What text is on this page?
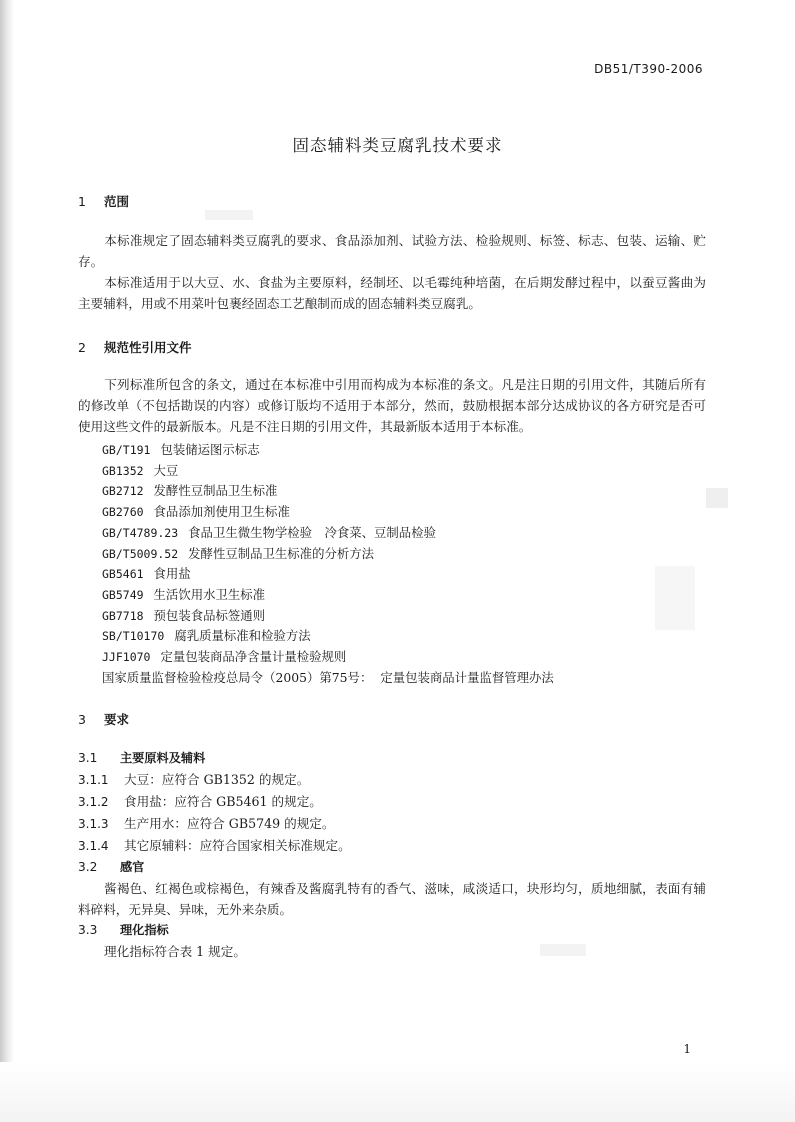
DB51/T390-2006
固态辅料类豆腐乳技术要求
1 范围
本标准规定了固态辅料类豆腐乳的要求、食品添加剂、试验方法、检验规则、标签、标志、包装、运输、贮存。
本标准适用于以大豆、水、食盐为主要原料，经制坯、以毛霉纯种培菌，在后期发酵过程中，以蚕豆酱曲为主要辅料，用或不用菜叶包裹经固态工艺酿制而成的固态辅料类豆腐乳。
2 规范性引用文件
下列标准所包含的条文，通过在本标准中引用而构成为本标准的条文。凡是注日期的引用文件，其随后所有的修改单（不包括勘误的内容）或修订版均不适用于本部分，然而，鼓励根据本部分达成协议的各方研究是否可使用这些文件的最新版本。凡是不注日期的引用文件，其最新版本适用于本标准。
GB/T191 包装储运图示标志
GB1352 大豆
GB2712 发酵性豆制品卫生标准
GB2760 食品添加剂使用卫生标准
GB/T4789.23 食品卫生微生物学检验　冷食菜、豆制品检验
GB/T5009.52 发酵性豆制品卫生标准的分析方法
GB5461 食用盐
GB5749 生活饮用水卫生标准
GB7718 预包装食品标签通则
SB/T10170 腐乳质量标准和检验方法
JJF1070 定量包装商品净含量计量检验规则
国家质量监督检验检疫总局令（2005）第75号： 定量包装商品计量监督管理办法
3 要求
3.1 主要原料及辅料
3.1.1 大豆：应符合 GB1352 的规定。
3.1.2 食用盐：应符合 GB5461 的规定。
3.1.3 生产用水：应符合 GB5749 的规定。
3.1.4 其它原辅料：应符合国家相关标准规定。
3.2 感官
酱褐色、红褐色或棕褐色，有辣香及酱腐乳特有的香气、滋味，咸淡适口，块形均匀，质地细腻，表面有辅料碎料，无异臭、异味，无外来杂质。
3.3 理化指标
理化指标符合表 1 规定。
1
